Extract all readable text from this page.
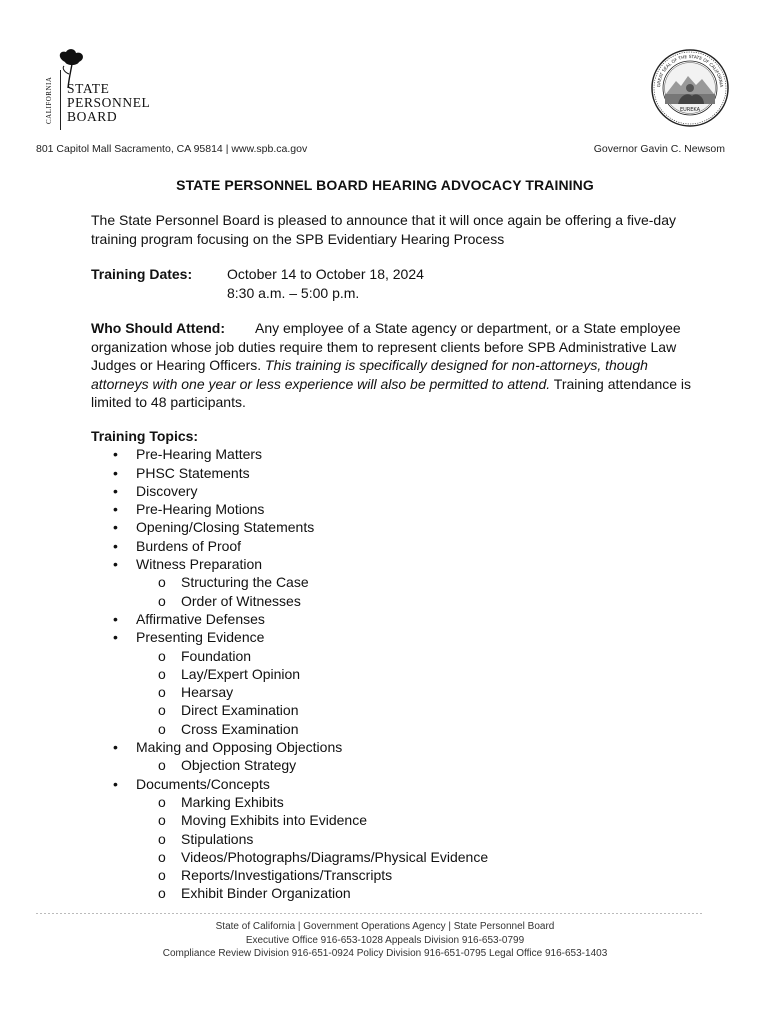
CALIFORNIA STATE
PERSONNEL
BOARD	EUREKA
GREAT SEAL OF THE STATE OF CALIFORNIA
801 Capitol Mall Sacramento, CA 95814 | www.spb.ca.gov	Governor Gavin C. Newsom
STATE PERSONNEL BOARD HEARING ADVOCACY TRAINING
The State Personnel Board is pleased to announce that it will once again be offering a five-day training program focusing on the SPB Evidentiary Hearing Process
Training Dates: October 14 to October 18, 2024
8:30 a.m. – 5:00 p.m.
Who Should Attend: Any employee of a State agency or department, or a State employee organization whose job duties require them to represent clients before SPB Administrative Law Judges or Hearing Officers. This training is specifically designed for non-attorneys, though attorneys with one year or less experience will also be permitted to attend. Training attendance is limited to 48 participants.
Training Topics:
• Pre-Hearing Matters
• PHSC Statements
• Discovery
• Pre-Hearing Motions
• Opening/Closing Statements
• Burdens of Proof
• Witness Preparation
o Structuring the Case
o Order of Witnesses
• Affirmative Defenses
• Presenting Evidence
o Foundation
o Lay/Expert Opinion
o Hearsay
o Direct Examination
o Cross Examination
• Making and Opposing Objections
o Objection Strategy
• Documents/Concepts
o Marking Exhibits
o Moving Exhibits into Evidence
o Stipulations
o Videos/Photographs/Diagrams/Physical Evidence
o Reports/Investigations/Transcripts
o Exhibit Binder Organization
State of California | Government Operations Agency | State Personnel Board
Executive Office 916-653-1028 Appeals Division 916-653-0799
Compliance Review Division 916-651-0924 Policy Division 916-651-0795 Legal Office 916-653-1403
